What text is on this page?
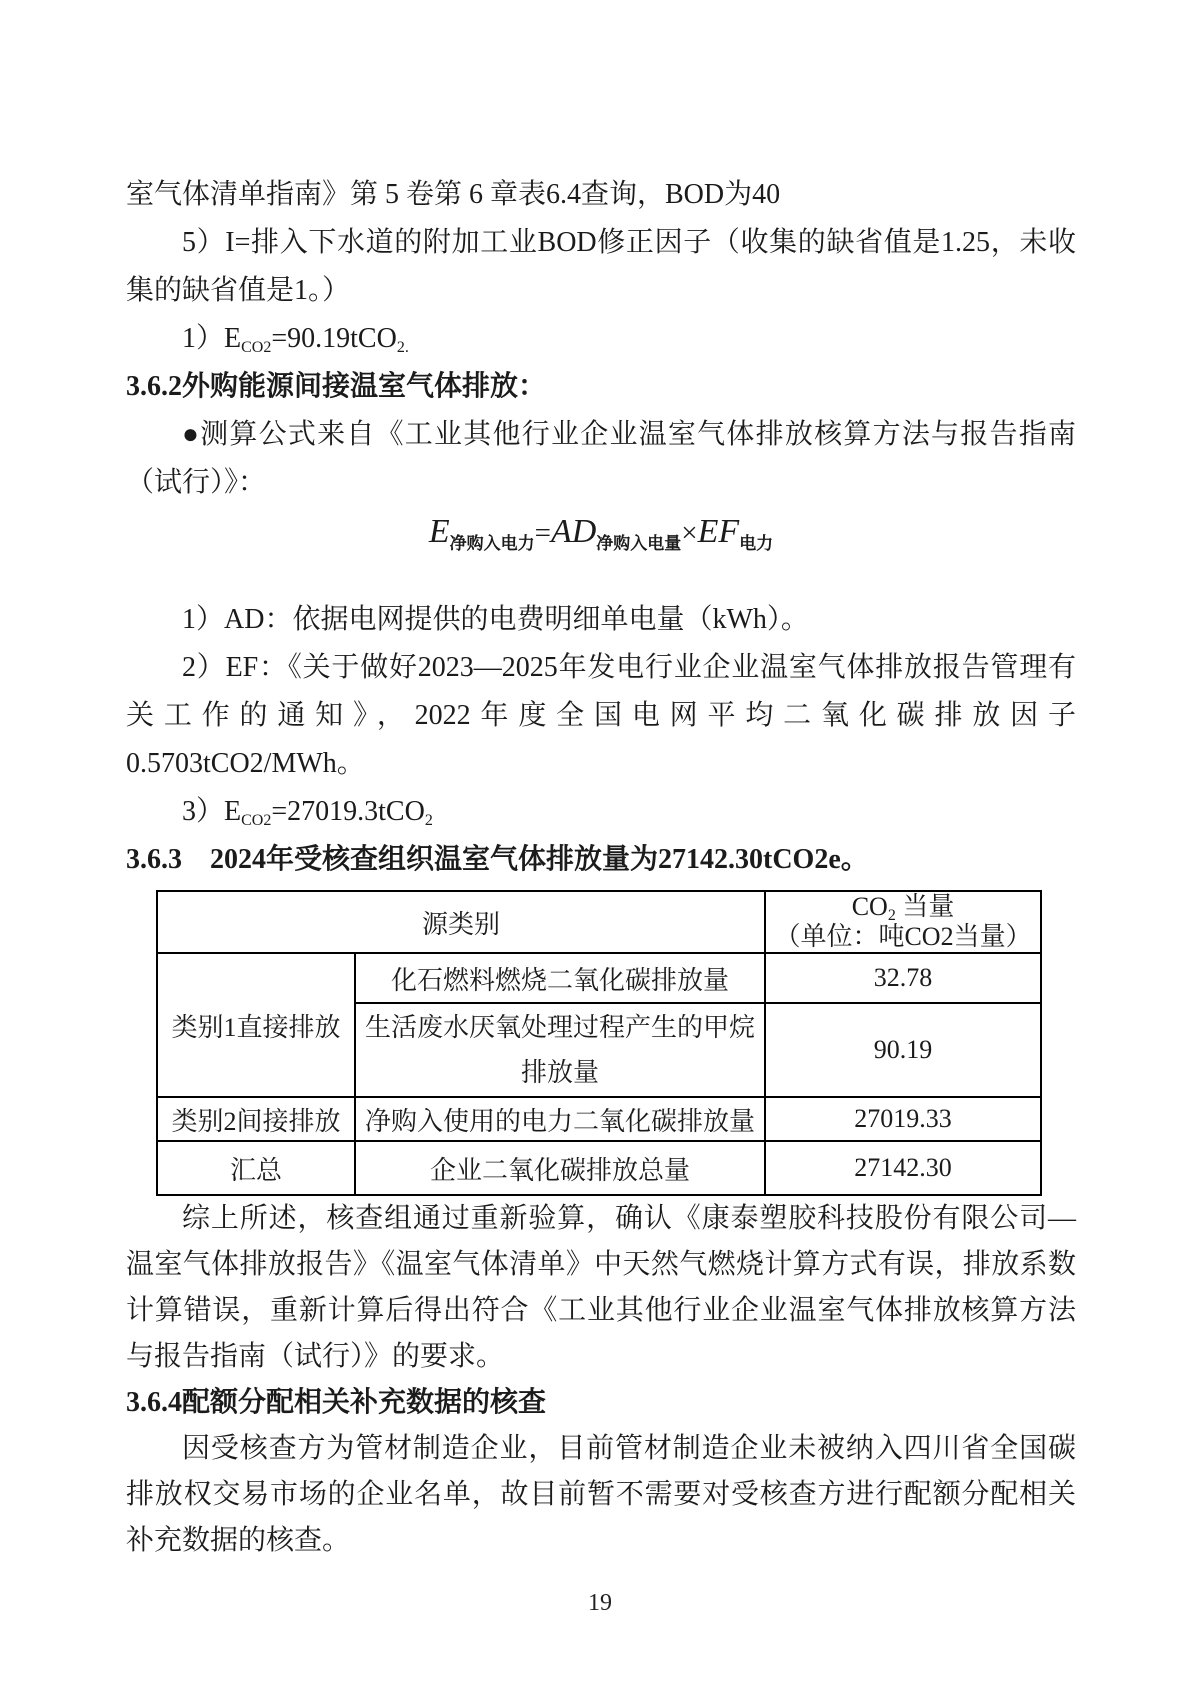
室气体清单指南》第 5 卷第 6 章表6.4查询，BOD为40

5）I=排入下水道的附加工业BOD修正因子（收集的缺省值是1.25，未收集的缺省值是1。）

$1)E_{CO2}=90.19tCO_{2.}$

3.6.2外购能源间接温室气体排放：

●测算公式来自《工业其他行业企业温室气体排放核算方法与报告指南（试行）》：

E净购入电力=AD净购入电量×EF电力

1）AD：依据电网提供的电费明细单电量（kWh）。

2）EF：《关于做好2023—2025年发电行业企业温室气体排放报告管理有关工作的通知》，2022年度全国电网平均二氧化碳排放因子0.5703tCO2/MWh。

$3)E_{CO2}=27019.3tCO_2$

3.6.3　2024年受核查组织温室气体排放量为27142.30tCO2e。

源类别		$CO_2$ 当量
（单位：吨CO2当量）

类别1直接排放	化石燃料燃烧二氧化碳排放量	32.78
	生活废水厌氧处理过程产生的甲烷排放量	90.19
类别2间接排放	净购入使用的电力二氧化碳排放量	27019.33
汇总	企业二氧化碳排放总量	27142.30

综上所述，核查组通过重新验算，确认《康泰塑胶科技股份有限公司—温室气体排放报告》《温室气体清单》中天然气燃烧计算方式有误，排放系数计算错误，重新计算后得出符合《工业其他行业企业温室气体排放核算方法与报告指南（试行）》的要求。

3.6.4配额分配相关补充数据的核查

因受核查方为管材制造企业，目前管材制造企业未被纳入四川省全国碳排放权交易市场的企业名单，故目前暂不需要对受核查方进行配额分配相关补充数据的核查。

19
